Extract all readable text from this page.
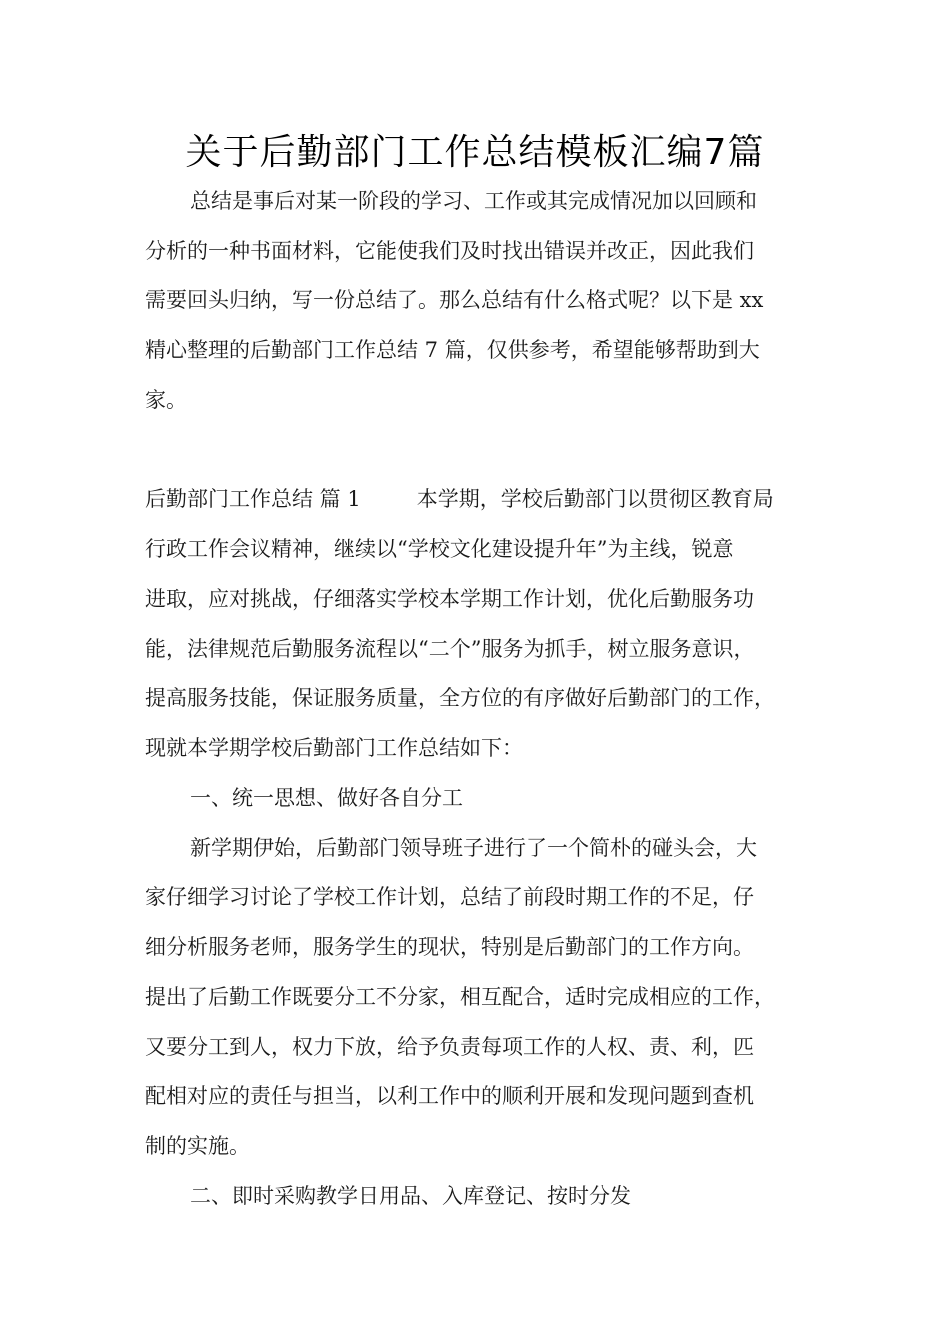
关于后勤部门工作总结模板汇编7篇
总结是事后对某一阶段的学习、工作或其完成情况加以回顾和
分析的一种书面材料，它能使我们及时找出错误并改正，因此我们
需要回头归纳，写一份总结了。那么总结有什么格式呢？以下是 xx
精心整理的后勤部门工作总结 7 篇，仅供参考，希望能够帮助到大
家。
后勤部门工作总结 篇 1	本学期，学校后勤部门以贯彻区教育局
行政工作会议精神，继续以“学校文化建设提升年”为主线，锐意
进取，应对挑战，仔细落实学校本学期工作计划，优化后勤服务功
能，法律规范后勤服务流程以“二个”服务为抓手，树立服务意识，
提高服务技能，保证服务质量，全方位的有序做好后勤部门的工作，
现就本学期学校后勤部门工作总结如下：
一、统一思想、做好各自分工
新学期伊始，后勤部门领导班子进行了一个简朴的碰头会，大
家仔细学习讨论了学校工作计划，总结了前段时期工作的不足，仔
细分析服务老师，服务学生的现状，特别是后勤部门的工作方向。
提出了后勤工作既要分工不分家，相互配合，适时完成相应的工作，
又要分工到人，权力下放，给予负责每项工作的人权、责、利，匹
配相对应的责任与担当，以利工作中的顺利开展和发现问题到查机
制的实施。
二、即时采购教学日用品、入库登记、按时分发
